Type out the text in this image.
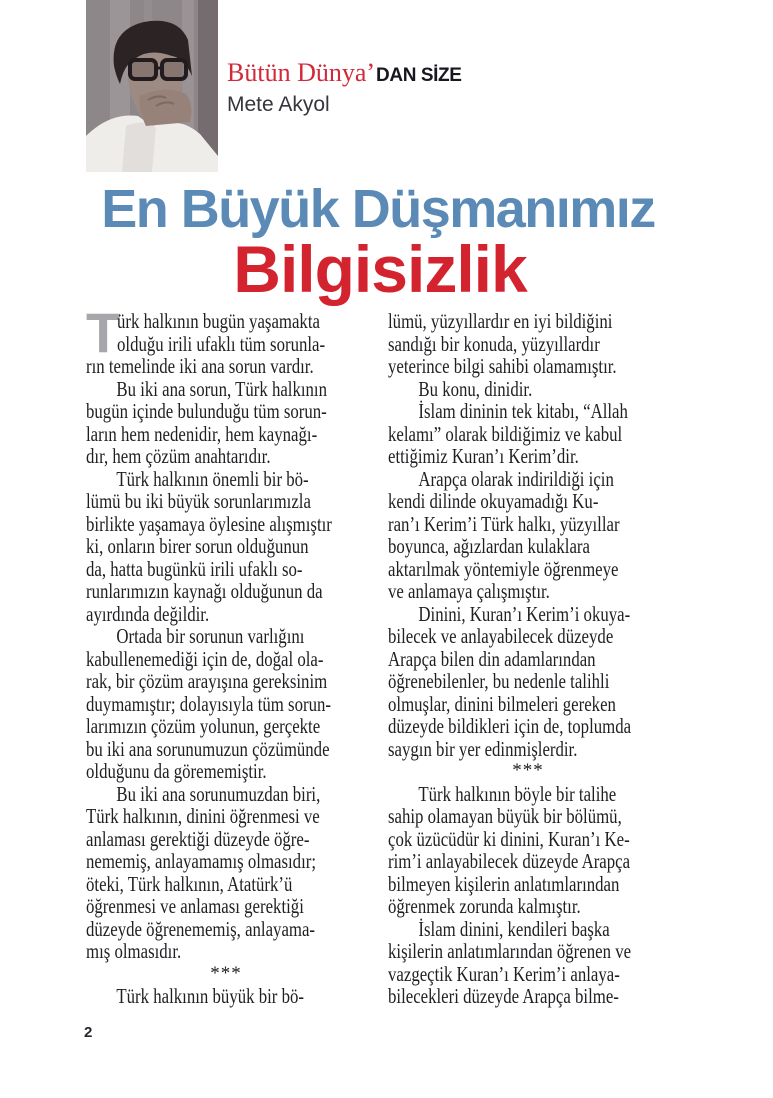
Bütün Dünya’DAN SİZE
Mete Akyol
En Büyük Düşmanımız
Bilgisizlik
T
ürk halkının bugün yaşamakta
olduğu irili ufaklı tüm sorunla-
rın temelinde iki ana sorun vardır.
Bu iki ana sorun, Türk halkının
bugün içinde bulunduğu tüm sorun-
ların hem nedenidir, hem kaynağı-
dır, hem çözüm anahtarıdır.
Türk halkının önemli bir bö-
lümü bu iki büyük sorunlarımızla
birlikte yaşamaya öylesine alışmıştır
ki, onların birer sorun olduğunun
da, hatta bugünkü irili ufaklı so-
runlarımızın kaynağı olduğunun da
ayırdında değildir.
Ortada bir sorunun varlığını
kabullenemediği için de, doğal ola-
rak, bir çözüm arayışına gereksinim
duymamıştır; dolayısıyla tüm sorun-
larımızın çözüm yolunun, gerçekte
bu iki ana sorunumuzun çözümünde
olduğunu da görememiştir.
Bu iki ana sorunumuzdan biri,
Türk halkının, dinini öğrenmesi ve
anlaması gerektiği düzeyde öğre-
nememiş, anlayamamış olmasıdır;
öteki, Türk halkının, Atatürk’ü
öğrenmesi ve anlaması gerektiği
düzeyde öğrenememiş, anlayama-
mış olmasıdır.
***
Türk halkının büyük bir bö-
lümü, yüzyıllardır en iyi bildiğini
sandığı bir konuda, yüzyıllardır
yeterince bilgi sahibi olamamıştır.
Bu konu, dinidir.
İslam dininin tek kitabı, “Allah
kelamı” olarak bildiğimiz ve kabul
ettiğimiz Kuran’ı Kerim’dir.
Arapça olarak indirildiği için
kendi dilinde okuyamadığı Ku-
ran’ı Kerim’i Türk halkı, yüzyıllar
boyunca, ağızlardan kulaklara
aktarılmak yöntemiyle öğrenmeye
ve anlamaya çalışmıştır.
Dinini, Kuran’ı Kerim’i okuya-
bilecek ve anlayabilecek düzeyde
Arapça bilen din adamlarından
öğrenebilenler, bu nedenle talihli
olmuşlar, dinini bilmeleri gereken
düzeyde bildikleri için de, toplumda
saygın bir yer edinmişlerdir.
***
Türk halkının böyle bir talihe
sahip olamayan büyük bir bölümü,
çok üzücüdür ki dinini, Kuran’ı Ke-
rim’i anlayabilecek düzeyde Arapça
bilmeyen kişilerin anlatımlarından
öğrenmek zorunda kalmıştır.
İslam dinini, kendileri başka
kişilerin anlatımlarından öğrenen ve
vazgeçtik Kuran’ı Kerim’i anlaya-
bilecekleri düzeyde Arapça bilme-
2
